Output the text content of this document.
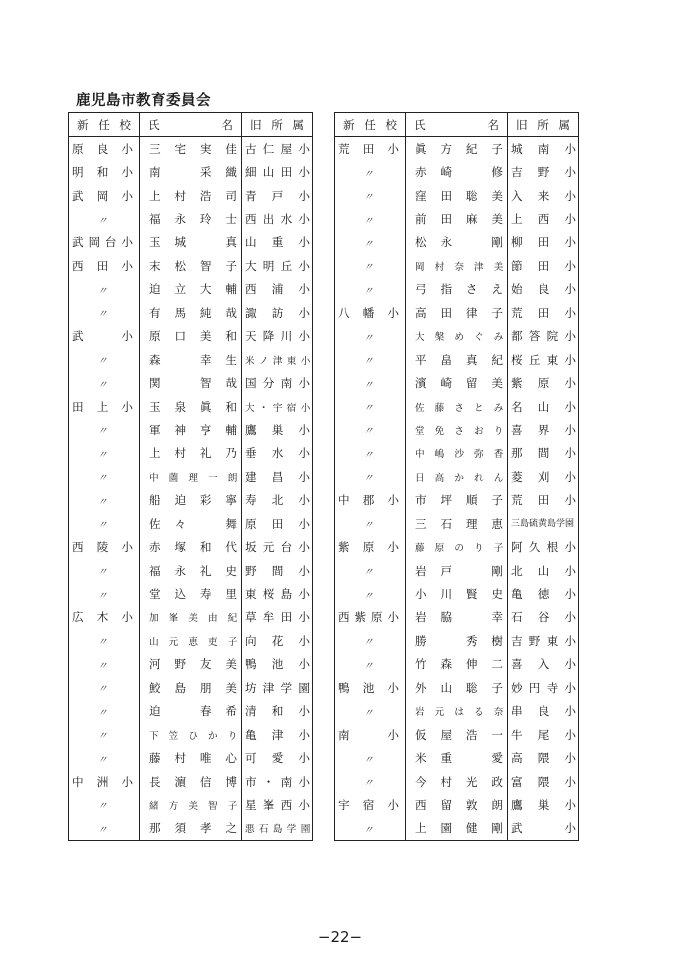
鹿児島市教育委員会
新任校	氏名	旧所属
原良小	三宅実佳	古仁屋小
明和小	南　采織	細山田小
武岡小	上村浩司	青戸小
〃	福永玲士	西出水小
武岡台小	玉城　真	山重小
西田小	末松智子	大明丘小
〃	迫立大輔	西浦小
〃	有馬純哉	諏訪小
武　小	原口美和	天降川小
〃	森　幸生	米ノ津東小
〃	関　智哉	国分南小
田上小	玉泉眞和	大・宇宿小
〃	軍神亨輔	鷹巣小
〃	上村礼乃	垂水小
〃	中薗理一朗	建昌小
〃	船迫彩寧	寿北小
〃	佐々　舞	原田小
西陵小	赤塚和代	坂元台小
〃	福永礼史	野間小
〃	堂込寿里	東桜島小
広木小	加峯美由紀	草牟田小
〃	山元恵吏子	向花小
〃	河野友美	鴨池小
〃	鮫島朋美	坊津学園
〃	迫　春希	清和小
〃	下笠ひかり	亀津小
〃	藤村唯心	可愛小
中洲小	長濵信博	市・南小
〃	緒方美智子	星峯西小
〃	那須孝之	悪石島学園
新任校	氏名	旧所属
荒田小	眞方紀子	城南小
〃	赤崎　修	吉野小
〃	窪田聡美	入来小
〃	前田麻美	上西小
〃	松永　剛	柳田小
〃	岡村奈津美	節田小
〃	弓指さえ	始良小
八幡小	高田律子	荒田小
〃	大槃めぐみ	都答院小
〃	平畠真紀	桜丘東小
〃	濱崎留美	紫原小
〃	佐藤さとみ	名山小
〃	堂免さおり	喜界小
〃	中嶋沙弥香	那間小
〃	日高かれん	菱刈小
中郡小	市坪順子	荒田小
〃	三石理恵	三島硫黄島学園
紫原小	藤原のり子	阿久根小
〃	岩戸　剛	北山小
〃	小川賢史	亀徳小
西紫原小	岩脇　幸	石谷小
〃	勝　秀樹	吉野東小
〃	竹森伸二	喜入小
鴨池小	外山聡子	妙円寺小
〃	岩元はる奈	串良小
南　小	仮屋浩一	牛尾小
〃	米重　愛	高隈小
〃	今村光政	富隈小
宇宿小	西留敦朗	鷹巣小
〃	上園健剛	武　小
−22−
